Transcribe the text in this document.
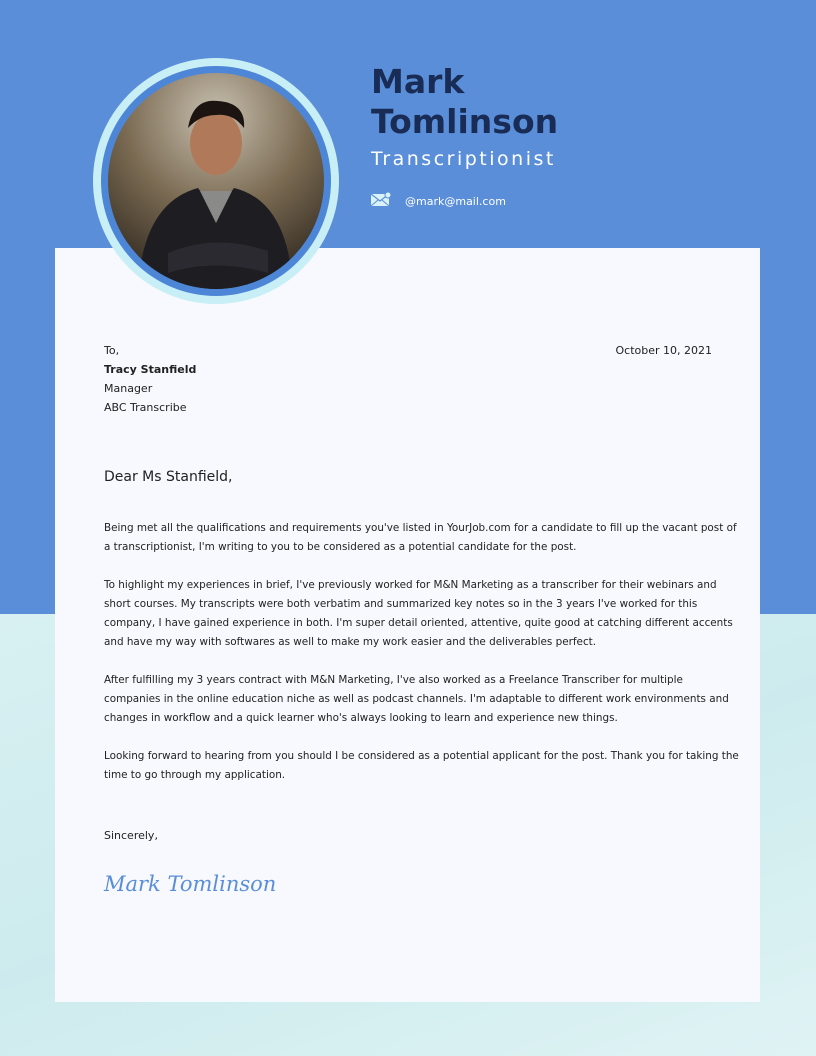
Mark
Tomlinson
Transcriptionist
@mark@mail.com
To,
Tracy Stanfield
Manager
ABC Transcribe
October 10, 2021
Dear Ms Stanfield,
Being met all the qualifications and requirements you've listed in YourJob.com for a candidate to fill up the vacant post of
a transcriptionist, I'm writing to you to be considered as a potential candidate for the post.
To highlight my experiences in brief, I've previously worked for M&N Marketing as a transcriber for their webinars and
short courses. My transcripts were both verbatim and summarized key notes so in the 3 years I've worked for this
company, I have gained experience in both. I'm super detail oriented, attentive, quite good at catching different accents
and have my way with softwares as well to make my work easier and the deliverables perfect.
After fulfilling my 3 years contract with M&N Marketing, I've also worked as a Freelance Transcriber for multiple
companies in the online education niche as well as podcast channels. I'm adaptable to different work environments and
changes in workflow and a quick learner who's always looking to learn and experience new things.
Looking forward to hearing from you should I be considered as a potential applicant for the post. Thank you for taking the
time to go through my application.
Sincerely,
Mark Tomlinson
